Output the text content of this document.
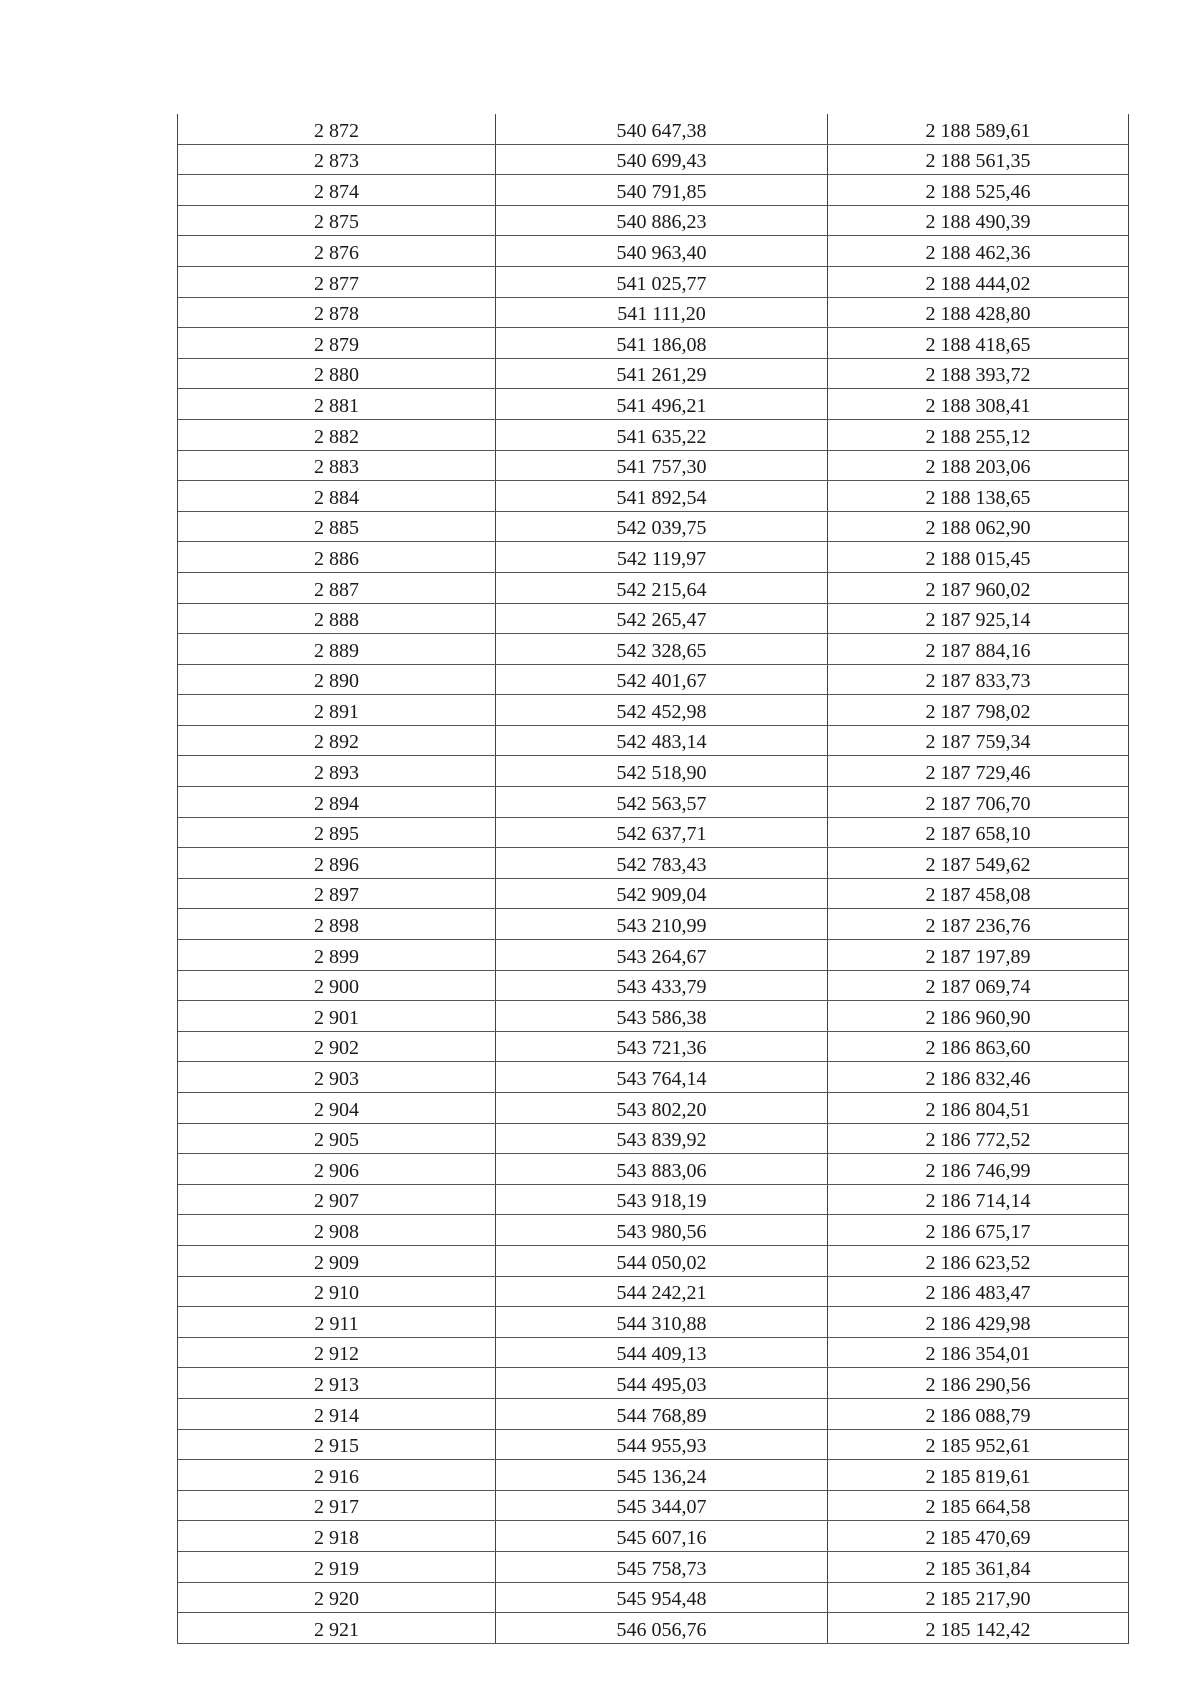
2 872	540 647,38	2 188 589,61
2 873	540 699,43	2 188 561,35
2 874	540 791,85	2 188 525,46
2 875	540 886,23	2 188 490,39
2 876	540 963,40	2 188 462,36
2 877	541 025,77	2 188 444,02
2 878	541 111,20	2 188 428,80
2 879	541 186,08	2 188 418,65
2 880	541 261,29	2 188 393,72
2 881	541 496,21	2 188 308,41
2 882	541 635,22	2 188 255,12
2 883	541 757,30	2 188 203,06
2 884	541 892,54	2 188 138,65
2 885	542 039,75	2 188 062,90
2 886	542 119,97	2 188 015,45
2 887	542 215,64	2 187 960,02
2 888	542 265,47	2 187 925,14
2 889	542 328,65	2 187 884,16
2 890	542 401,67	2 187 833,73
2 891	542 452,98	2 187 798,02
2 892	542 483,14	2 187 759,34
2 893	542 518,90	2 187 729,46
2 894	542 563,57	2 187 706,70
2 895	542 637,71	2 187 658,10
2 896	542 783,43	2 187 549,62
2 897	542 909,04	2 187 458,08
2 898	543 210,99	2 187 236,76
2 899	543 264,67	2 187 197,89
2 900	543 433,79	2 187 069,74
2 901	543 586,38	2 186 960,90
2 902	543 721,36	2 186 863,60
2 903	543 764,14	2 186 832,46
2 904	543 802,20	2 186 804,51
2 905	543 839,92	2 186 772,52
2 906	543 883,06	2 186 746,99
2 907	543 918,19	2 186 714,14
2 908	543 980,56	2 186 675,17
2 909	544 050,02	2 186 623,52
2 910	544 242,21	2 186 483,47
2 911	544 310,88	2 186 429,98
2 912	544 409,13	2 186 354,01
2 913	544 495,03	2 186 290,56
2 914	544 768,89	2 186 088,79
2 915	544 955,93	2 185 952,61
2 916	545 136,24	2 185 819,61
2 917	545 344,07	2 185 664,58
2 918	545 607,16	2 185 470,69
2 919	545 758,73	2 185 361,84
2 920	545 954,48	2 185 217,90
2 921	546 056,76	2 185 142,42
